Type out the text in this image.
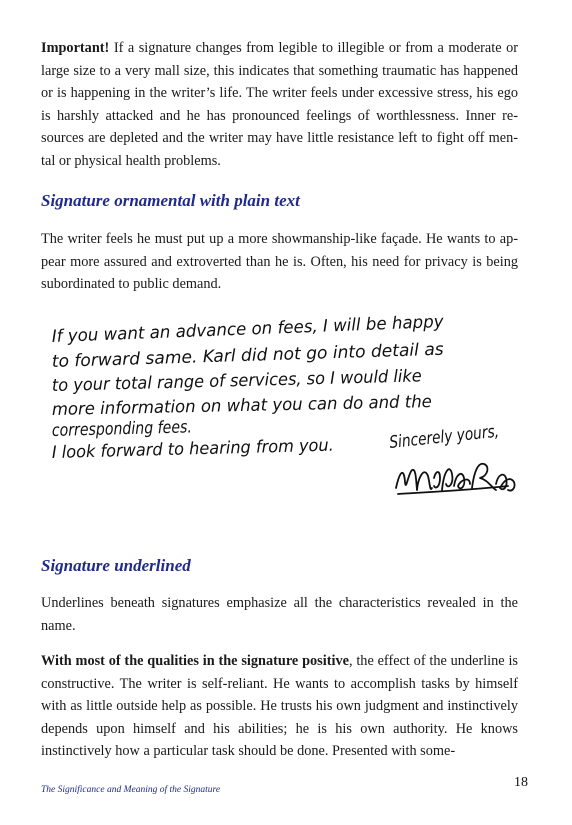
Important! If a signature changes from legible to illegible or from a moderate or large size to a very mall size, this indicates that something traumatic has happened or is happening in the writer’s life. The writer feels under excessive stress, his ego is harshly attacked and he has pronounced feelings of worthlessness. Inner resources are depleted and the writer may have little resistance left to fight off mental or physical health problems.

Signature ornamental with plain text

The writer feels he must put up a more showmanship-like façade. He wants to appear more assured and extroverted than he is. Often, his need for privacy is being subordinated to public demand.

If you want an advance on fees, I will be happy
to forward same. Karl did not go into detail as
to your total range of services, so I would like
more information on what you can do and the
corresponding fees.
I look forward to hearing from you. Sincerely yours,
Signature underlined

Underlines beneath signatures emphasize all the characteristics revealed in the name.

With most of the qualities in the signature positive, the effect of the underline is constructive. The writer is self-reliant. He wants to accomplish tasks by himself with as little outside help as possible. He trusts his own judgment and instinctively depends upon himself and his abilities; he is his own authority. He knows instinctively how a particular task should be done. Presented with some-

The Significance and Meaning of the Signature	18
